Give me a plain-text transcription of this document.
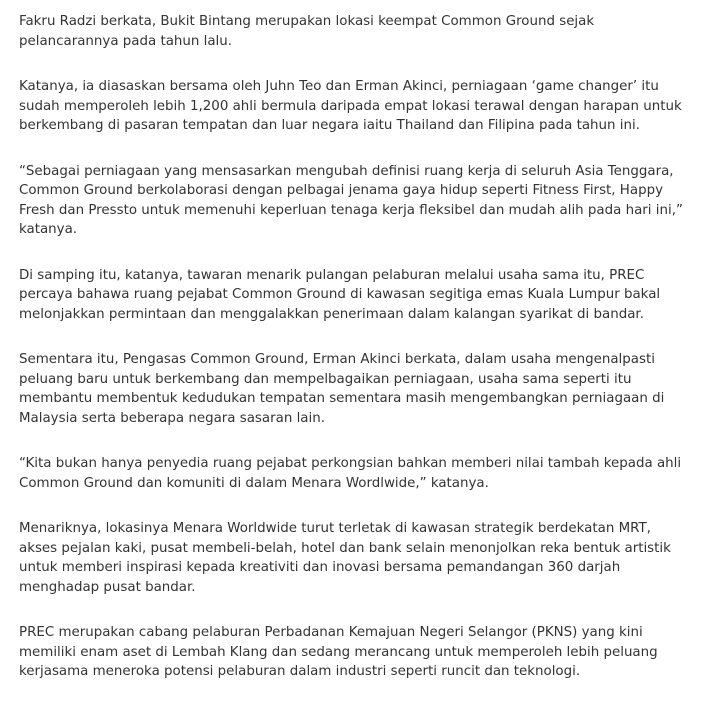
Fakru Radzi berkata, Bukit Bintang merupakan lokasi keempat Common Ground sejak pelancarannya pada tahun lalu.

Katanya, ia diasaskan bersama oleh Juhn Teo dan Erman Akinci, perniagaan ‘game changer’ itu sudah memperoleh lebih 1,200 ahli bermula daripada empat lokasi terawal dengan harapan untuk berkembang di pasaran tempatan dan luar negara iaitu Thailand dan Filipina pada tahun ini.

“Sebagai perniagaan yang mensasarkan mengubah definisi ruang kerja di seluruh Asia Tenggara, Common Ground berkolaborasi dengan pelbagai jenama gaya hidup seperti Fitness First, Happy Fresh dan Pressto untuk memenuhi keperluan tenaga kerja fleksibel dan mudah alih pada hari ini,” katanya.

Di samping itu, katanya, tawaran menarik pulangan pelaburan melalui usaha sama itu, PREC percaya bahawa ruang pejabat Common Ground di kawasan segitiga emas Kuala Lumpur bakal melonjakkan permintaan dan menggalakkan penerimaan dalam kalangan syarikat di bandar.

Sementara itu, Pengasas Common Ground, Erman Akinci berkata, dalam usaha mengenalpasti peluang baru untuk berkembang dan mempelbagaikan perniagaan, usaha sama seperti itu membantu membentuk kedudukan tempatan sementara masih mengembangkan perniagaan di Malaysia serta beberapa negara sasaran lain.

“Kita bukan hanya penyedia ruang pejabat perkongsian bahkan memberi nilai tambah kepada ahli Common Ground dan komuniti di dalam Menara Wordlwide,” katanya.

Menariknya, lokasinya Menara Worldwide turut terletak di kawasan strategik berdekatan MRT, akses pejalan kaki, pusat membeli-belah, hotel dan bank selain menonjolkan reka bentuk artistik untuk memberi inspirasi kepada kreativiti dan inovasi bersama pemandangan 360 darjah menghadap pusat bandar.

PREC merupakan cabang pelaburan Perbadanan Kemajuan Negeri Selangor (PKNS) yang kini memiliki enam aset di Lembah Klang dan sedang merancang untuk memperoleh lebih peluang kerjasama meneroka potensi pelaburan dalam industri seperti runcit dan teknologi.
